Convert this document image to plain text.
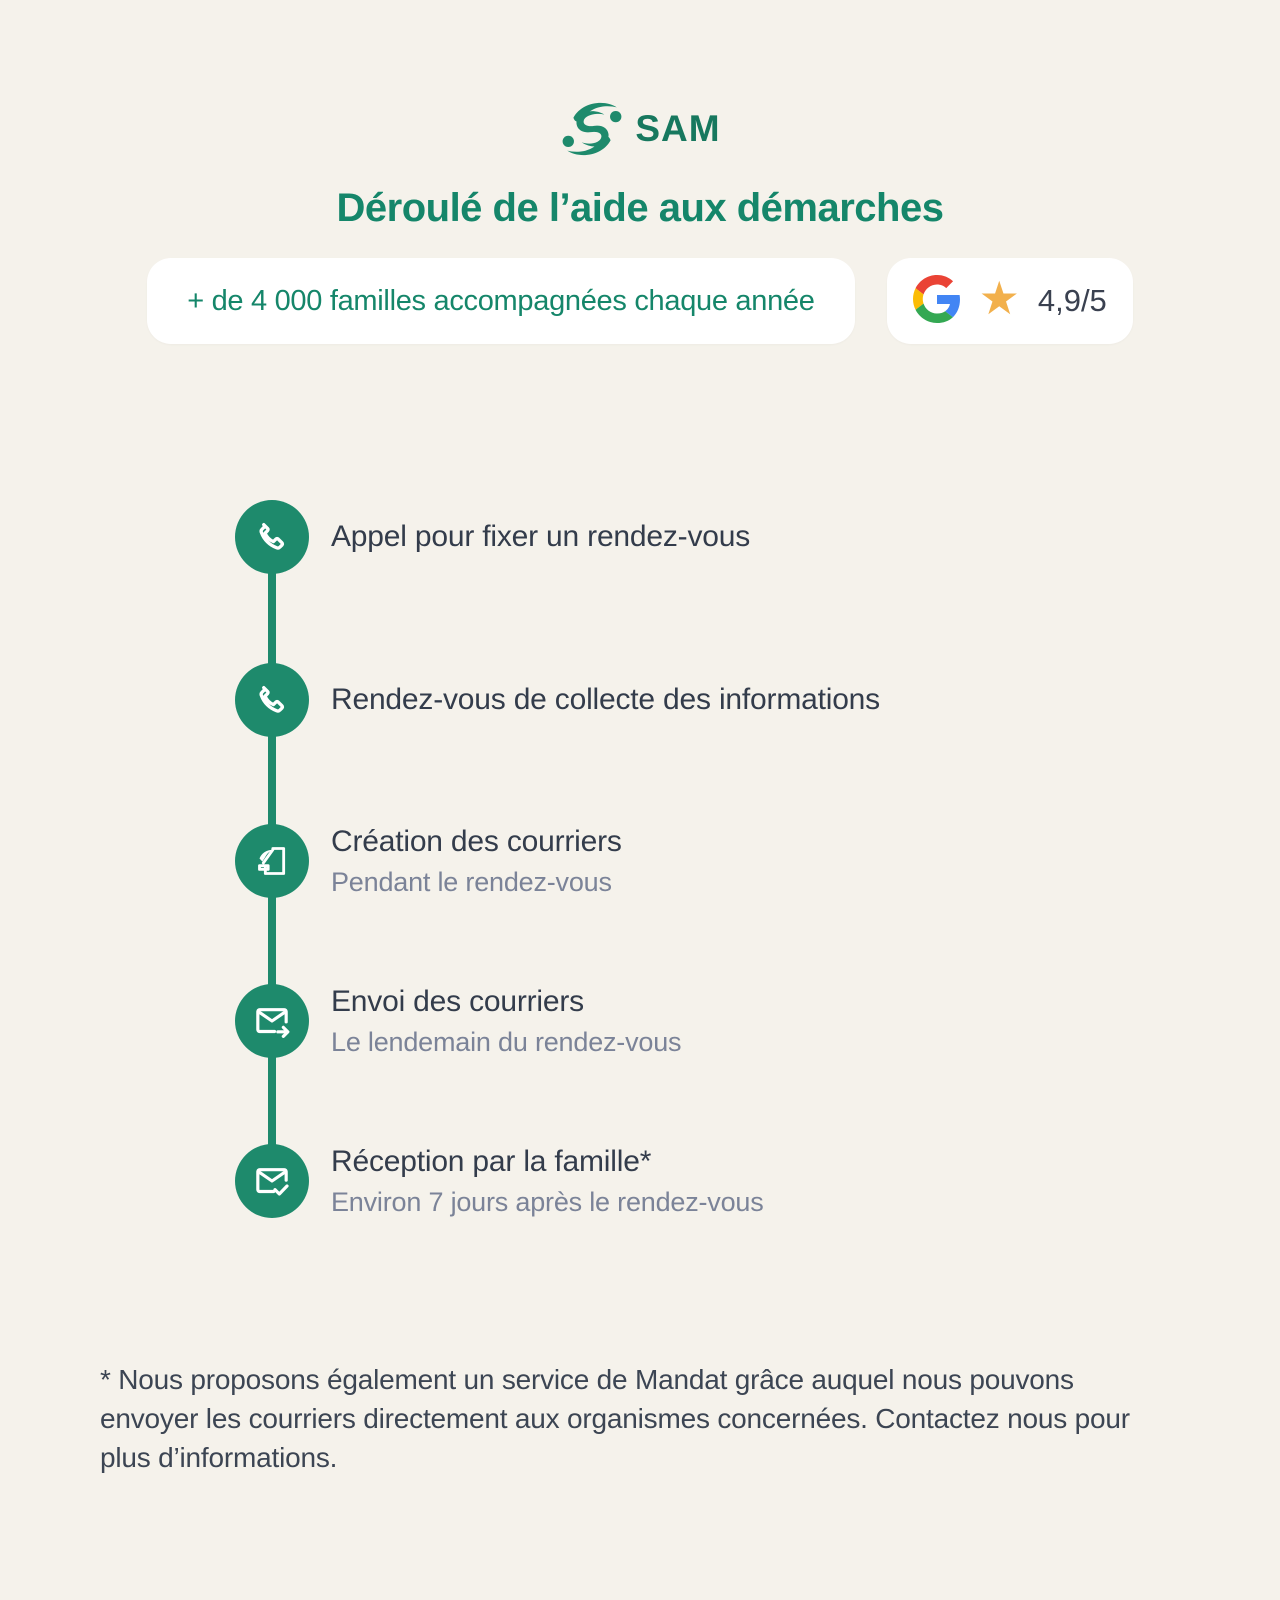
SAM
Déroulé de l’aide aux démarches
+ de 4 000 familles accompagnées chaque année	★ 4,9/5
Appel pour fixer un rendez-vous
Rendez-vous de collecte des informations
Création des courriers
Pendant le rendez-vous
Envoi des courriers
Le lendemain du rendez-vous
Réception par la famille*
Environ 7 jours après le rendez-vous

* Nous proposons également un service de Mandat grâce auquel nous pouvons envoyer les courriers directement aux organismes concernées. Contactez nous pour plus d’informations.
